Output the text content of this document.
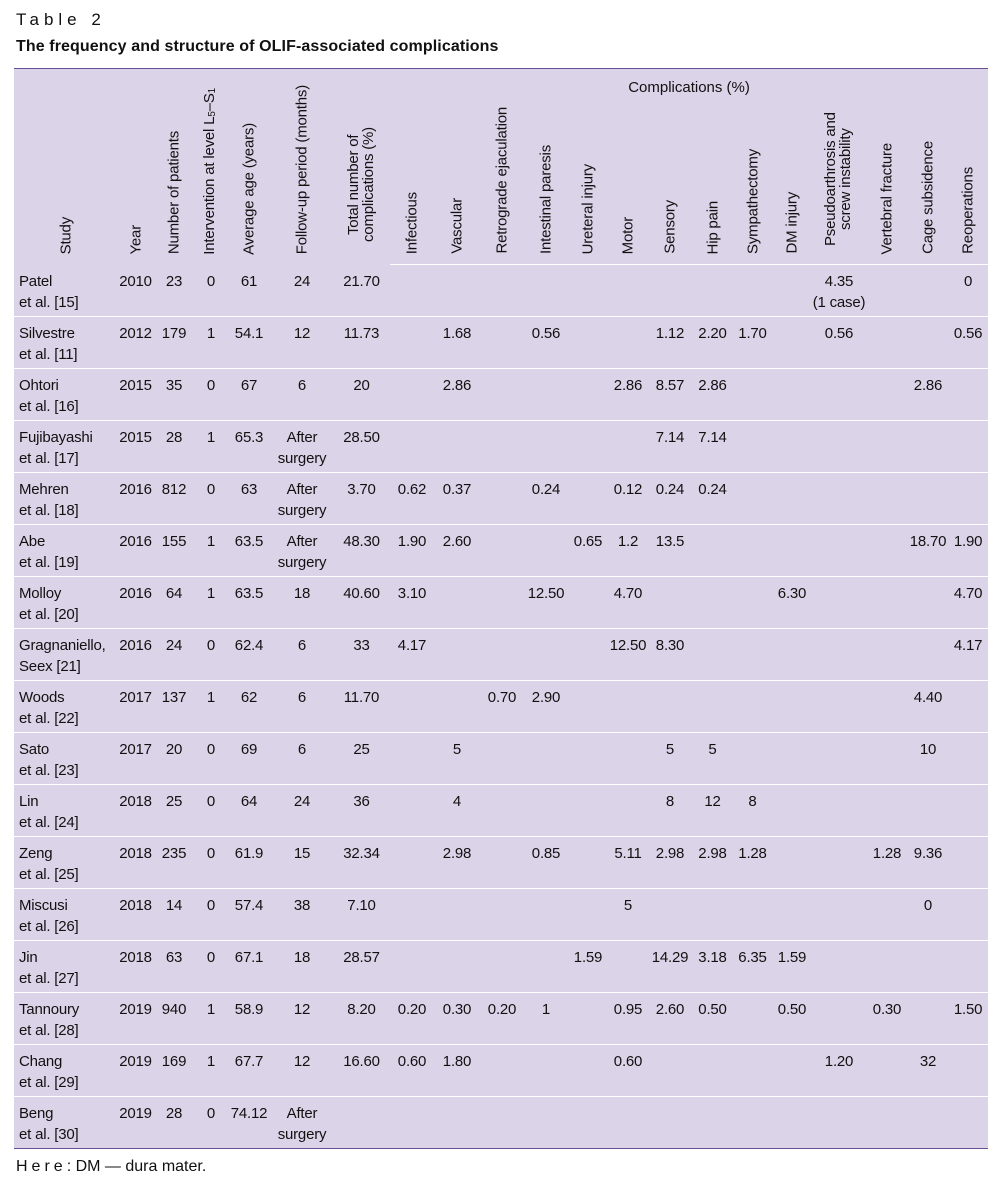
Table 2
The frequency and structure of OLIF-associated complications
Study	Year	Number of patients	Intervention at level $L_5-S_1$	Average age (years)	Follow-up period (months)	Total number of complications (%)	Complications (%)													

							Infectious	Vascular	Retrograde ejaculation	Intestinal paresis	Ureteral injury	Motor	Sensory	Hip pain	Sympathectomy	DM injury	Pseudoarthrosis and screw instability	Vertebral fracture	Cage subsidence	Reoperations

Patel
et al. [15]	2010	23	0	61	24	21.70											4.35
(1 case)			0
Silvestre
et al. [11]	2012	179	1	54.1	12	11.73		1.68		0.56			1.12	2.20	1.70		0.56			0.56
Ohtori
et al. [16]	2015	35	0	67	6	20		2.86				2.86	8.57	2.86					2.86	
Fujibayashi
et al. [17]	2015	28	1	65.3	After
surgery	28.50							7.14	7.14						
Mehren
et al. [18]	2016	812	0	63	After
surgery	3.70	0.62	0.37		0.24		0.12	0.24	0.24						
Abe
et al. [19]	2016	155	1	63.5	After
surgery	48.30	1.90	2.60			0.65	1.2	13.5						18.70	1.90
Molloy
et al. [20]	2016	64	1	63.5	18	40.60	3.10			12.50		4.70				6.30				4.70
Gragnaniello,
Seex [21]	2016	24	0	62.4	6	33	4.17					12.50	8.30							4.17
Woods
et al. [22]	2017	137	1	62	6	11.70			0.70	2.90									4.40	
Sato
et al. [23]	2017	20	0	69	6	25		5					5	5					10	
Lin
et al. [24]	2018	25	0	64	24	36		4					8	12	8					
Zeng
et al. [25]	2018	235	0	61.9	15	32.34		2.98		0.85		5.11	2.98	2.98	1.28			1.28	9.36	
Miscusi
et al. [26]	2018	14	0	57.4	38	7.10						5							0	
Jin
et al. [27]	2018	63	0	67.1	18	28.57					1.59		14.29	3.18	6.35	1.59				
Tannoury
et al. [28]	2019	940	1	58.9	12	8.20	0.20	0.30	0.20	1		0.95	2.60	0.50		0.50		0.30		1.50
Chang
et al. [29]	2019	169	1	67.7	12	16.60	0.60	1.80				0.60					1.20		32	
Beng
et al. [30]	2019	28	0	74.12	After
surgery															
Here: DM — dura mater.
